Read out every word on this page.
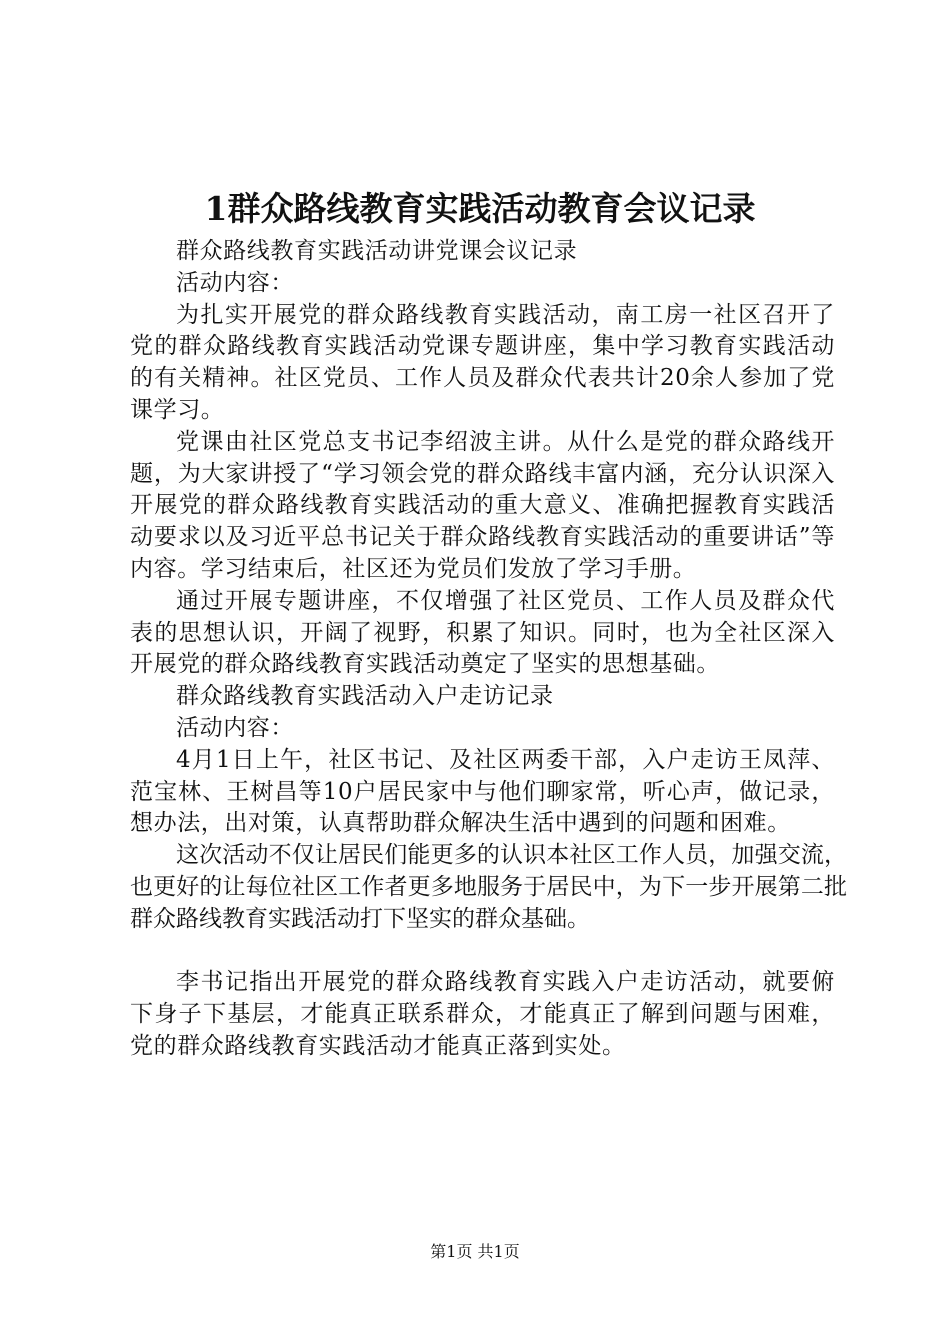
1群众路线教育实践活动教育会议记录

群众路线教育实践活动讲党课会议记录

活动内容：

为扎实开展党的群众路线教育实践活动，南工房一社区召开了党的群众路线教育实践活动党课专题讲座，集中学习教育实践活动的有关精神。社区党员、工作人员及群众代表共计20余人参加了党课学习。

党课由社区党总支书记李绍波主讲。从什么是党的群众路线开题，为大家讲授了“学习领会党的群众路线丰富内涵，充分认识深入开展党的群众路线教育实践活动的重大意义、准确把握教育实践活动要求以及习近平总书记关于群众路线教育实践活动的重要讲话”等内容。学习结束后，社区还为党员们发放了学习手册。

通过开展专题讲座，不仅增强了社区党员、工作人员及群众代表的思想认识，开阔了视野，积累了知识。同时，也为全社区深入开展党的群众路线教育实践活动奠定了坚实的思想基础。

群众路线教育实践活动入户走访记录

活动内容：

4月1日上午，社区书记、及社区两委干部，入户走访王凤萍、范宝林、王树昌等10户居民家中与他们聊家常，听心声，做记录，想办法，出对策，认真帮助群众解决生活中遇到的问题和困难。

这次活动不仅让居民们能更多的认识本社区工作人员，加强交流，也更好的让每位社区工作者更多地服务于居民中，为下一步开展第二批群众路线教育实践活动打下坚实的群众基础。

李书记指出开展党的群众路线教育实践入户走访活动，就要俯下身子下基层，才能真正联系群众，才能真正了解到问题与困难，党的群众路线教育实践活动才能真正落到实处。

第1页 共1页
